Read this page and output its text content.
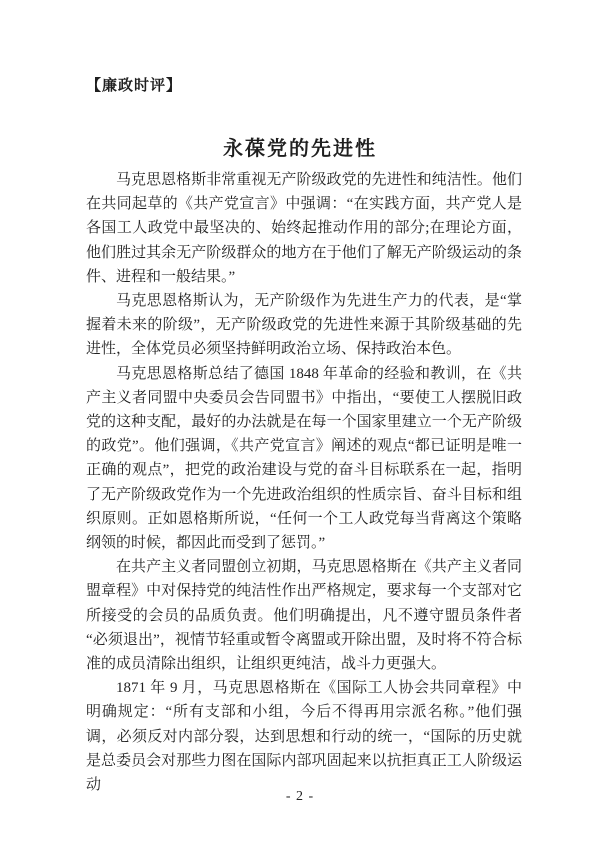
【廉政时评】
永葆党的先进性

马克思恩格斯非常重视无产阶级政党的先进性和纯洁性。他们在共同起草的《共产党宣言》中强调：“在实践方面，共产党人是各国工人政党中最坚决的、始终起推动作用的部分;在理论方面，他们胜过其余无产阶级群众的地方在于他们了解无产阶级运动的条件、进程和一般结果。”

马克思恩格斯认为，无产阶级作为先进生产力的代表，是“掌握着未来的阶级”，无产阶级政党的先进性来源于其阶级基础的先进性，全体党员必须坚持鲜明政治立场、保持政治本色。

马克思恩格斯总结了德国 1848 年革命的经验和教训，在《共产主义者同盟中央委员会告同盟书》中指出，“要使工人摆脱旧政党的这种支配，最好的办法就是在每一个国家里建立一个无产阶级的政党”。他们强调，《共产党宣言》阐述的观点“都已证明是唯一正确的观点”，把党的政治建设与党的奋斗目标联系在一起，指明了无产阶级政党作为一个先进政治组织的性质宗旨、奋斗目标和组织原则。正如恩格斯所说，“任何一个工人政党每当背离这个策略纲领的时候，都因此而受到了惩罚。”

在共产主义者同盟创立初期，马克思恩格斯在《共产主义者同盟章程》中对保持党的纯洁性作出严格规定，要求每一个支部对它所接受的会员的品质负责。他们明确提出，凡不遵守盟员条件者“必须退出”，视情节轻重或暂令离盟或开除出盟，及时将不符合标准的成员清除出组织，让组织更纯洁，战斗力更强大。

1871 年 9 月，马克思恩格斯在《国际工人协会共同章程》中明确规定：“所有支部和小组，今后不得再用宗派名称。”他们强调，必须反对内部分裂，达到思想和行动的统一，“国际的历史就是总委员会对那些力图在国际内部巩固起来以抗拒真正工人阶级运动

- 2 -
